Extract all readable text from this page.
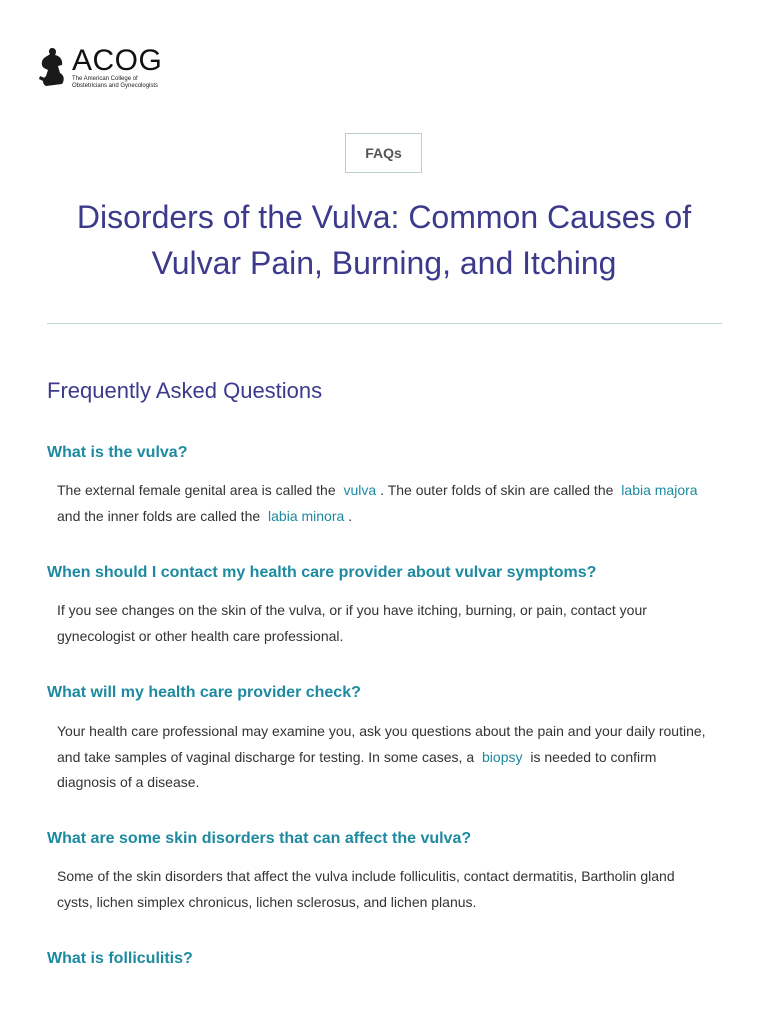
ACOG
The American College of Obstetricians and Gynecologists
FAQs
Disorders of the Vulva: Common Causes of Vulvar Pain, Burning, and Itching
Frequently Asked Questions
What is the vulva?

The external female genital area is called the vulva . The outer folds of skin are called the labia majora
and the inner folds are called the labia minora .

When should I contact my health care provider about vulvar symptoms?

If you see changes on the skin of the vulva, or if you have itching, burning, or pain, contact your gynecologist or other health care professional.

What will my health care provider check?

Your health care professional may examine you, ask you questions about the pain and your daily routine, and take samples of vaginal discharge for testing. In some cases, a biopsy is needed to confirm diagnosis of a disease.

What are some skin disorders that can affect the vulva?

Some of the skin disorders that affect the vulva include folliculitis, contact dermatitis, Bartholin gland cysts, lichen simplex chronicus, lichen sclerosus, and lichen planus.

What is folliculitis?
